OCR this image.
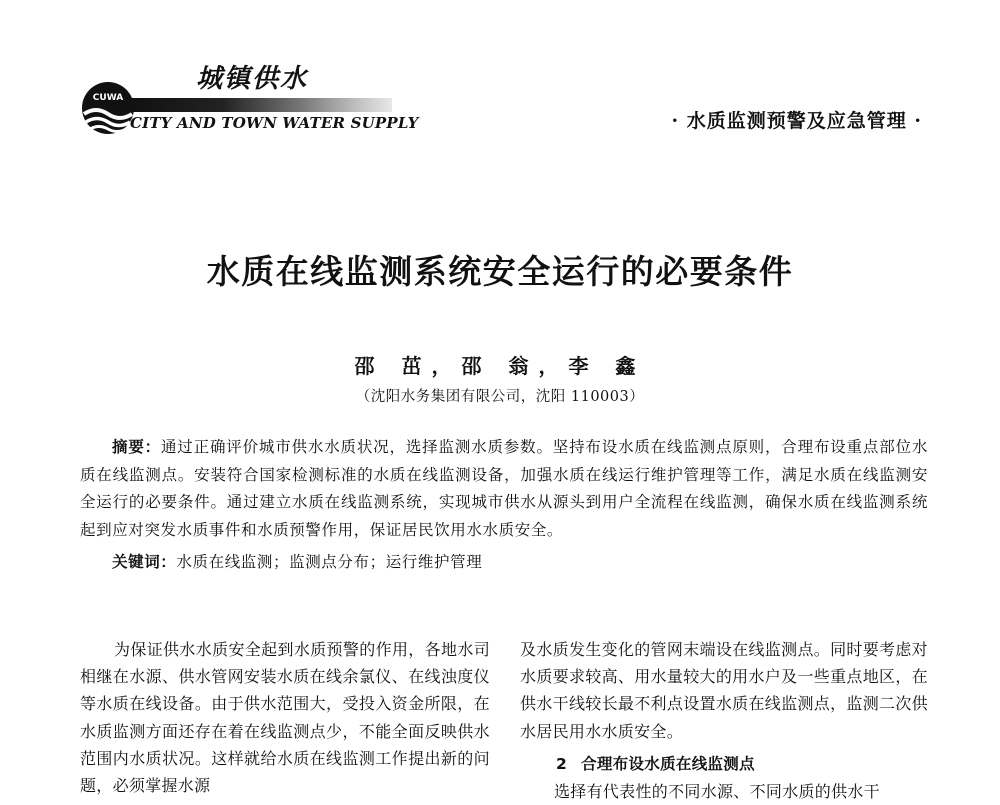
CUWA
城镇供水
CITY AND TOWN WATER SUPPLY	· 水质监测预警及应急管理 ·
水质在线监测系统安全运行的必要条件
邵 茁，邵 翁，李 鑫
（沈阳水务集团有限公司，沈阳 110003）

摘要：通过正确评价城市供水水质状况，选择监测水质参数。坚持布设水质在线监测点原则，合理布设重点部位水质在线监测点。安装符合国家检测标准的水质在线监测设备，加强水质在线运行维护管理等工作，满足水质在线监测安全运行的必要条件。通过建立水质在线监测系统，实现城市供水从源头到用户全流程在线监测，确保水质在线监测系统起到应对突发水质事件和水质预警作用，保证居民饮用水水质安全。

关键词：水质在线监测；监测点分布；运行维护管理

为保证供水水质安全起到水质预警的作用，各地水司相继在水源、供水管网安装水质在线余氯仪、在线浊度仪等水质在线设备。由于供水范围大，受投入资金所限，在水质监测方面还存在着在线监测点少，不能全面反映供水范围内水质状况。这样就给水质在线监测工作提出新的问题，必须掌握水源

及水质发生变化的管网末端设在线监测点。同时要考虑对水质要求较高、用水量较大的用水户及一些重点地区，在供水干线较长最不利点设置水质在线监测点，监测二次供水居民用水水质安全。

2 合理布设水质在线监测点

选择有代表性的不同水源、不同水质的供水干
